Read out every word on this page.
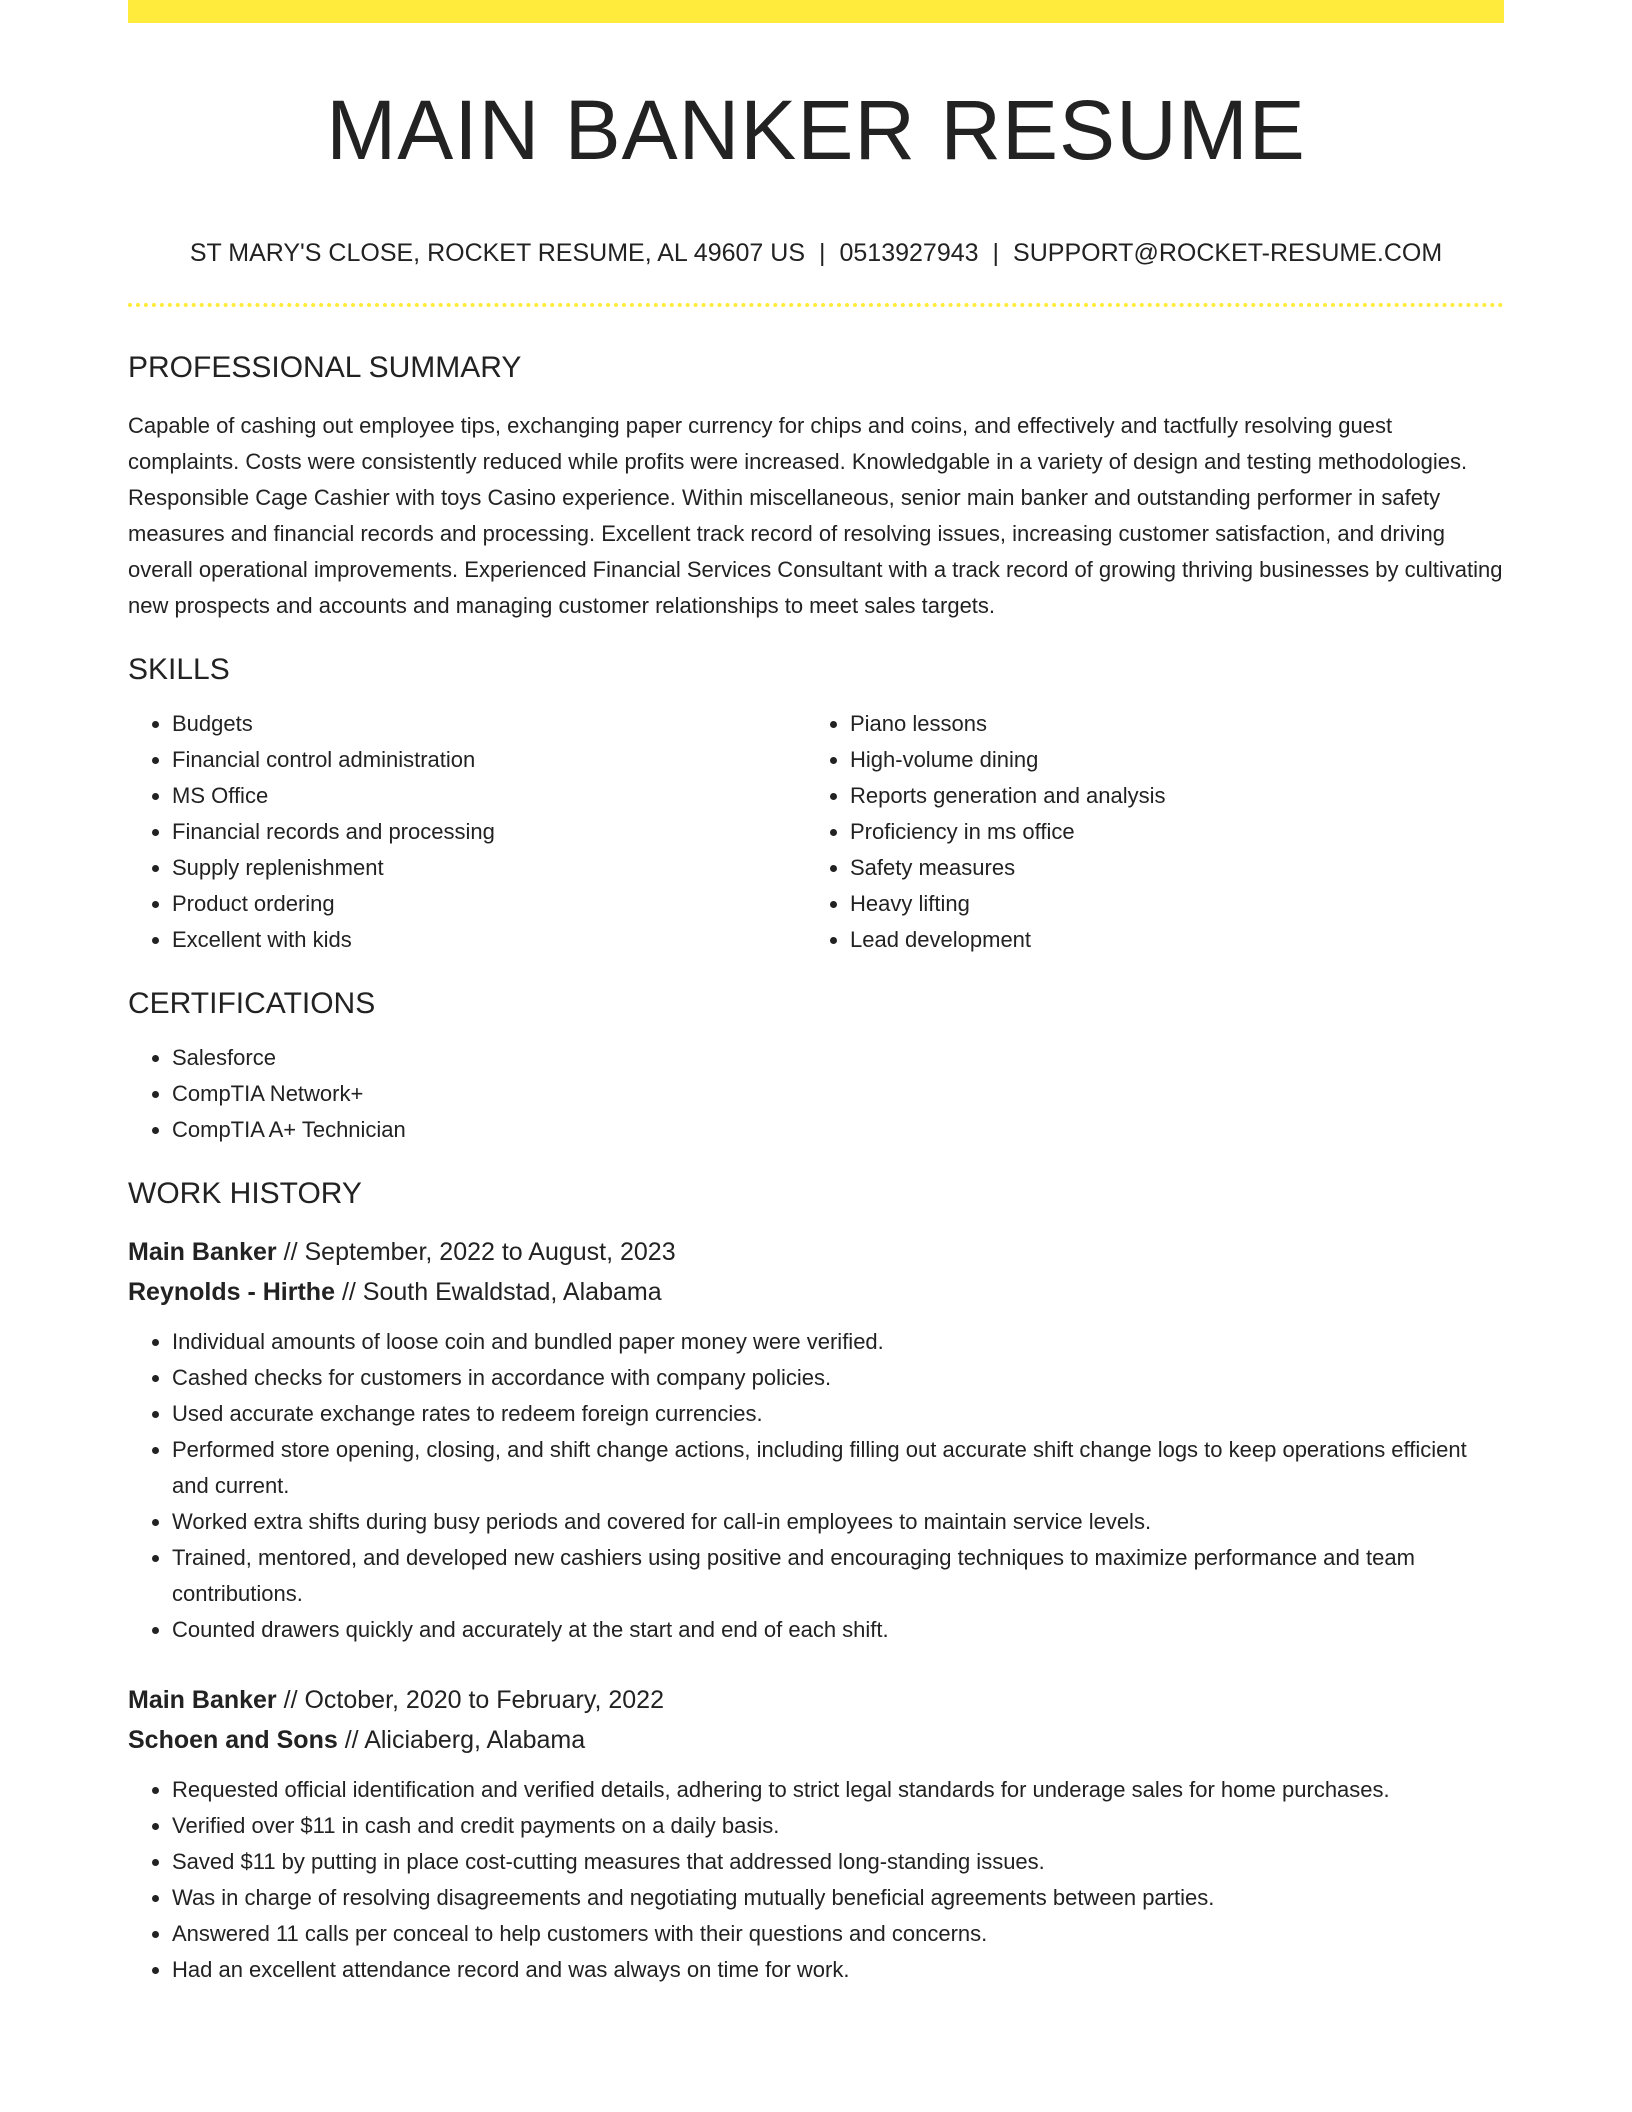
MAIN BANKER RESUME
ST MARY'S CLOSE, ROCKET RESUME, AL 49607 US | 0513927943 | SUPPORT@ROCKET-RESUME.COM
PROFESSIONAL SUMMARY
Capable of cashing out employee tips, exchanging paper currency for chips and coins, and effectively and tactfully resolving guest complaints. Costs were consistently reduced while profits were increased. Knowledgable in a variety of design and testing methodologies. Responsible Cage Cashier with toys Casino experience. Within miscellaneous, senior main banker and outstanding performer in safety measures and financial records and processing. Excellent track record of resolving issues, increasing customer satisfaction, and driving overall operational improvements. Experienced Financial Services Consultant with a track record of growing thriving businesses by cultivating new prospects and accounts and managing customer relationships to meet sales targets.
SKILLS
• Budgets
• Financial control administration
• MS Office
• Financial records and processing
• Supply replenishment
• Product ordering
• Excellent with kids
• Piano lessons
• High-volume dining
• Reports generation and analysis
• Proficiency in ms office
• Safety measures
• Heavy lifting
• Lead development
CERTIFICATIONS
• Salesforce
• CompTIA Network+
• CompTIA A+ Technician
WORK HISTORY
Main Banker // September, 2022 to August, 2023
Reynolds - Hirthe // South Ewaldstad, Alabama
• Individual amounts of loose coin and bundled paper money were verified.
• Cashed checks for customers in accordance with company policies.
• Used accurate exchange rates to redeem foreign currencies.
• Performed store opening, closing, and shift change actions, including filling out accurate shift change logs to keep operations efficient and current.
• Worked extra shifts during busy periods and covered for call-in employees to maintain service levels.
• Trained, mentored, and developed new cashiers using positive and encouraging techniques to maximize performance and team contributions.
• Counted drawers quickly and accurately at the start and end of each shift.
Main Banker // October, 2020 to February, 2022
Schoen and Sons // Aliciaberg, Alabama
• Requested official identification and verified details, adhering to strict legal standards for underage sales for home purchases.
• Verified over $11 in cash and credit payments on a daily basis.
• Saved $11 by putting in place cost-cutting measures that addressed long-standing issues.
• Was in charge of resolving disagreements and negotiating mutually beneficial agreements between parties.
• Answered 11 calls per conceal to help customers with their questions and concerns.
• Had an excellent attendance record and was always on time for work.
